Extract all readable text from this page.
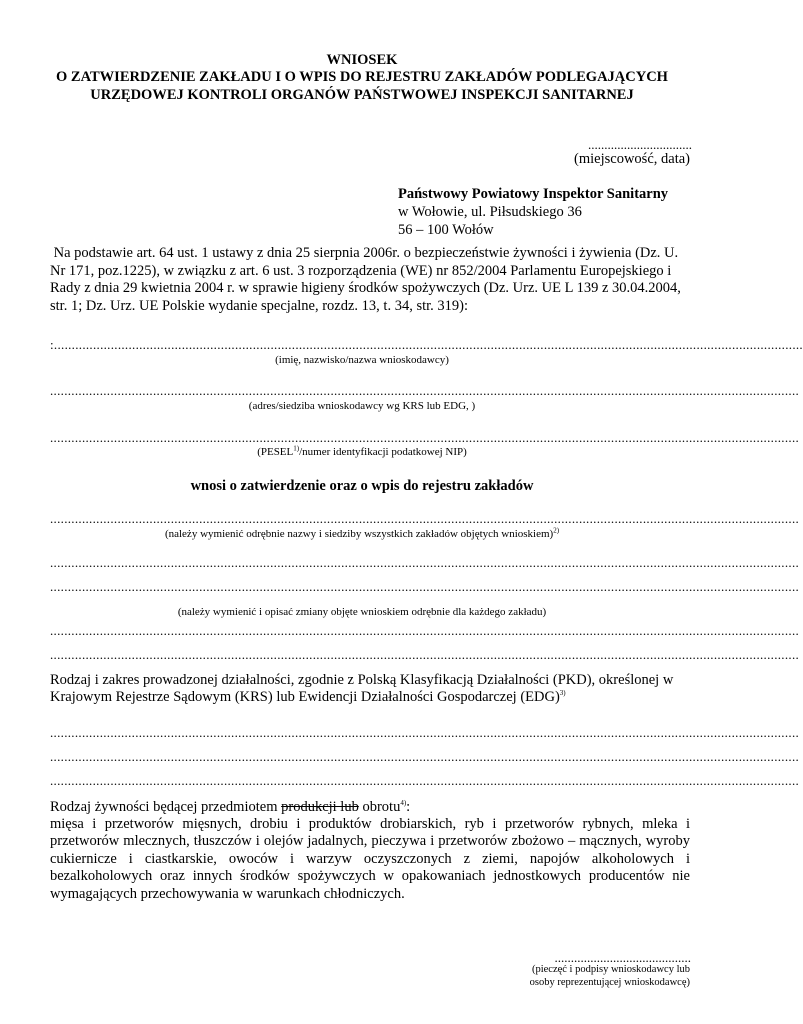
WNIOSEK
O ZATWIERDZENIE ZAKŁADU I O WPIS DO REJESTRU ZAKŁADÓW PODLEGAJĄCYCH
URZĘDOWEJ KONTROLI ORGANÓW PAŃSTWOWEJ INSPEKCJI SANITARNEJ
................................
(miejscowość, data)
Państwowy Powiatowy Inspektor Sanitarny
w Wołowie, ul. Piłsudskiego 36
56 – 100 Wołów
Na podstawie art. 64 ust. 1 ustawy z dnia 25 sierpnia 2006r. o bezpieczeństwie żywności i żywienia (Dz. U. Nr 171, poz.1225), w związku z art. 6 ust. 3 rozporządzenia (WE) nr 852/2004 Parlamentu Europejskiego i Rady z dnia 29 kwietnia 2004 r. w sprawie higieny środków spożywczych (Dz. Urz. UE L 139 z 30.04.2004, str. 1; Dz. Urz. UE Polskie wydanie specjalne, rozdz. 13, t. 34, str. 319):
:...................................................................................................................................................................................................................
(imię, nazwisko/nazwa wnioskodawcy)
...................................................................................................................................................................................................................
(adres/siedziba wnioskodawcy wg KRS lub EDG, )
...................................................................................................................................................................................................................
(PESEL$^{1)}$/numer identyfikacji podatkowej NIP)
wnosi o zatwierdzenie oraz o wpis do rejestru zakładów
...................................................................................................................................................................................................................
(należy wymienić odrębnie nazwy i siedziby wszystkich zakładów objętych wnioskiem)$^{2)}$
...................................................................................................................................................................................................................
...................................................................................................................................................................................................................
(należy wymienić i opisać zmiany objęte wnioskiem odrębnie dla każdego zakładu)
...................................................................................................................................................................................................................
...................................................................................................................................................................................................................
Rodzaj i zakres prowadzonej działalności, zgodnie z Polską Klasyfikacją Działalności (PKD), określonej w Krajowym Rejestrze Sądowym (KRS) lub Ewidencji Działalności Gospodarczej (EDG)$^{3)}$
...................................................................................................................................................................................................................
...................................................................................................................................................................................................................
...................................................................................................................................................................................................................
Rodzaj żywności będącej przedmiotem produkcji lub obrotu$^{4)}$:
mięsa i przetworów mięsnych, drobiu i produktów drobiarskich, ryb i przetworów rybnych, mleka i przetworów mlecznych, tłuszczów i olejów jadalnych, pieczywa i przetworów zbożowo – mącznych, wyroby cukiernicze i ciastkarskie, owoców i warzyw oczyszczonych z ziemi, napojów alkoholowych i bezalkoholowych oraz innych środków spożywczych w opakowaniach jednostkowych producentów nie wymagających przechowywania w warunkach chłodniczych.
..........................................
(pieczęć i podpisy wnioskodawcy lub
osoby reprezentującej wnioskodawcę)
